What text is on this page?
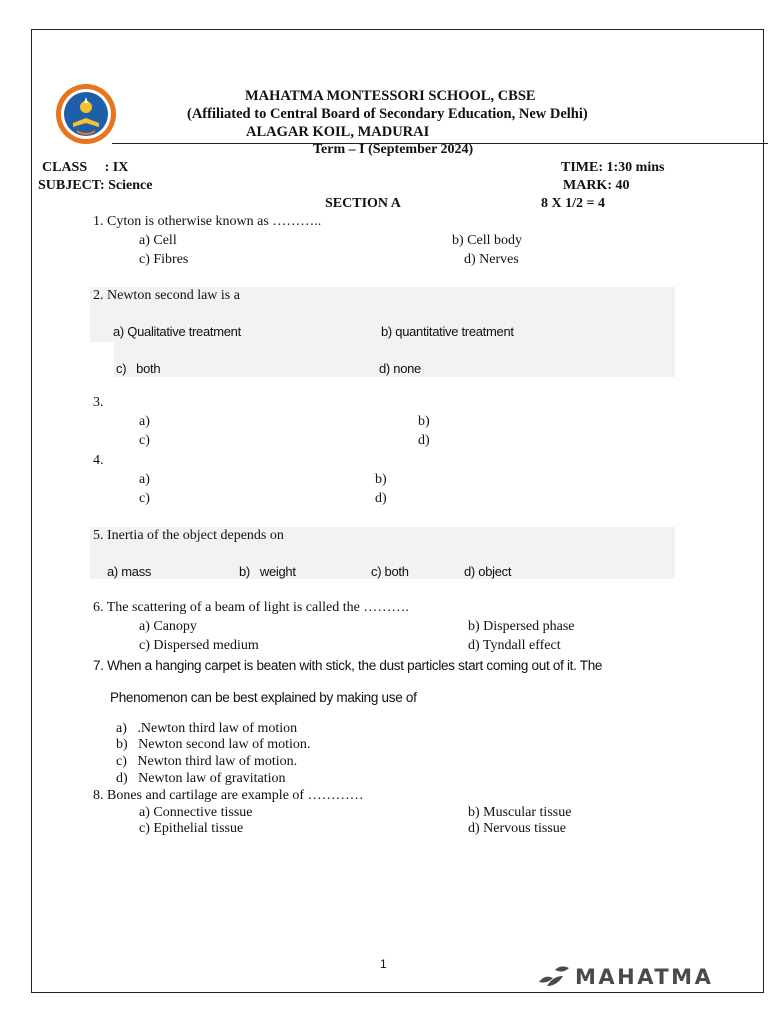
MAHATMA MONTESSORI SCHOOL, CBSE
(Affiliated to Central Board of Secondary Education, New Delhi)
ALAGAR KOIL, MADURAI
Term – I (September 2024)
CLASS     : IX	TIME: 1:30 mins
SUBJECT: Science	MARK: 40
SECTION A	8 X 1/2 = 4
1. Cyton is otherwise known as ………..
a) Cell	b) Cell body
c) Fibres	d) Nerves
2. Newton second law is a
a) Qualitative treatment	b) quantitative treatment
c)   both	d) none
3.
a)	b)
c)	d)
4.
a)	b)
c)	d)
5. Inertia of the object depends on
a) mass	b)   weight	c) both	d) object
6. The scattering of a beam of light is called the ……….
a) Canopy	b) Dispersed phase
c) Dispersed medium	d) Tyndall effect
7. When a hanging carpet is beaten with stick, the dust particles start coming out of it. The
Phenomenon can be best explained by making use of
a)   .Newton third law of motion
b)   Newton second law of motion.
c)   Newton third law of motion.
d)   Newton law of gravitation
8. Bones and cartilage are example of …………
a) Connective tissue	b) Muscular tissue
c) Epithelial tissue	d) Nervous tissue
1
MAHATMA
